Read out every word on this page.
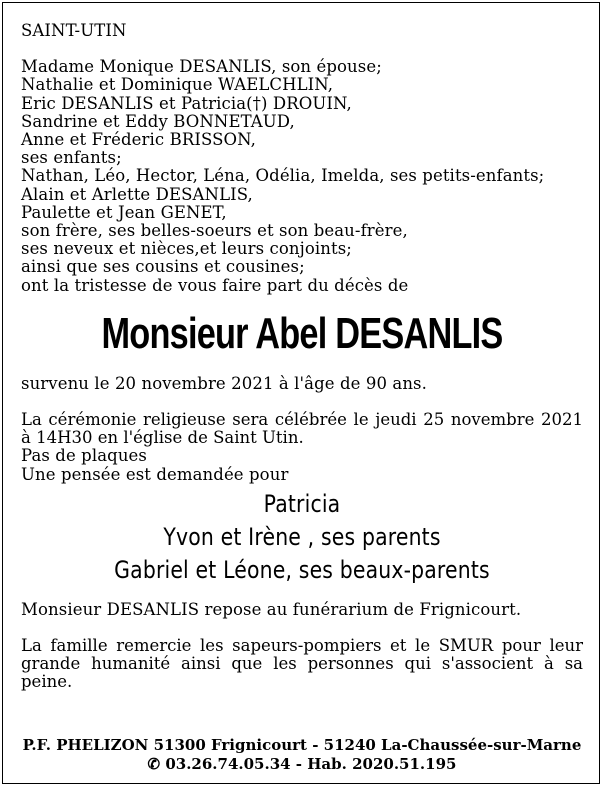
SAINT-UTIN
Madame Monique DESANLIS, son épouse;
Nathalie et Dominique WAELCHLIN,
Eric DESANLIS et Patricia(†) DROUIN,
Sandrine et Eddy BONNETAUD,
Anne et Fréderic BRISSON,
ses enfants;
Nathan, Léo, Hector, Léna, Odélia, Imelda, ses petits-enfants;
Alain et Arlette DESANLIS,
Paulette et Jean GENET,
son frère, ses belles-soeurs et son beau-frère,
ses neveux et nièces,et leurs conjoints;
ainsi que ses cousins et cousines;
ont la tristesse de vous faire part du décès de
Monsieur Abel DESANLIS
survenu le 20 novembre 2021 à l'âge de 90 ans.
La cérémonie religieuse sera célébrée le jeudi 25 novembre 2021 à 14H30 en l'église de Saint Utin.
Pas de plaques
Une pensée est demandée pour
Patricia
Yvon et Irène , ses parents
Gabriel et Léone, ses beaux-parents
Monsieur DESANLIS repose au funérarium de Frignicourt.
La famille remercie les sapeurs-pompiers et le SMUR pour leur grande humanité ainsi que les personnes qui s'associent à sa peine.
P.F. PHELIZON 51300 Frignicourt - 51240 La-Chaussée-sur-Marne
✆ 03.26.74.05.34 - Hab. 2020.51.195
